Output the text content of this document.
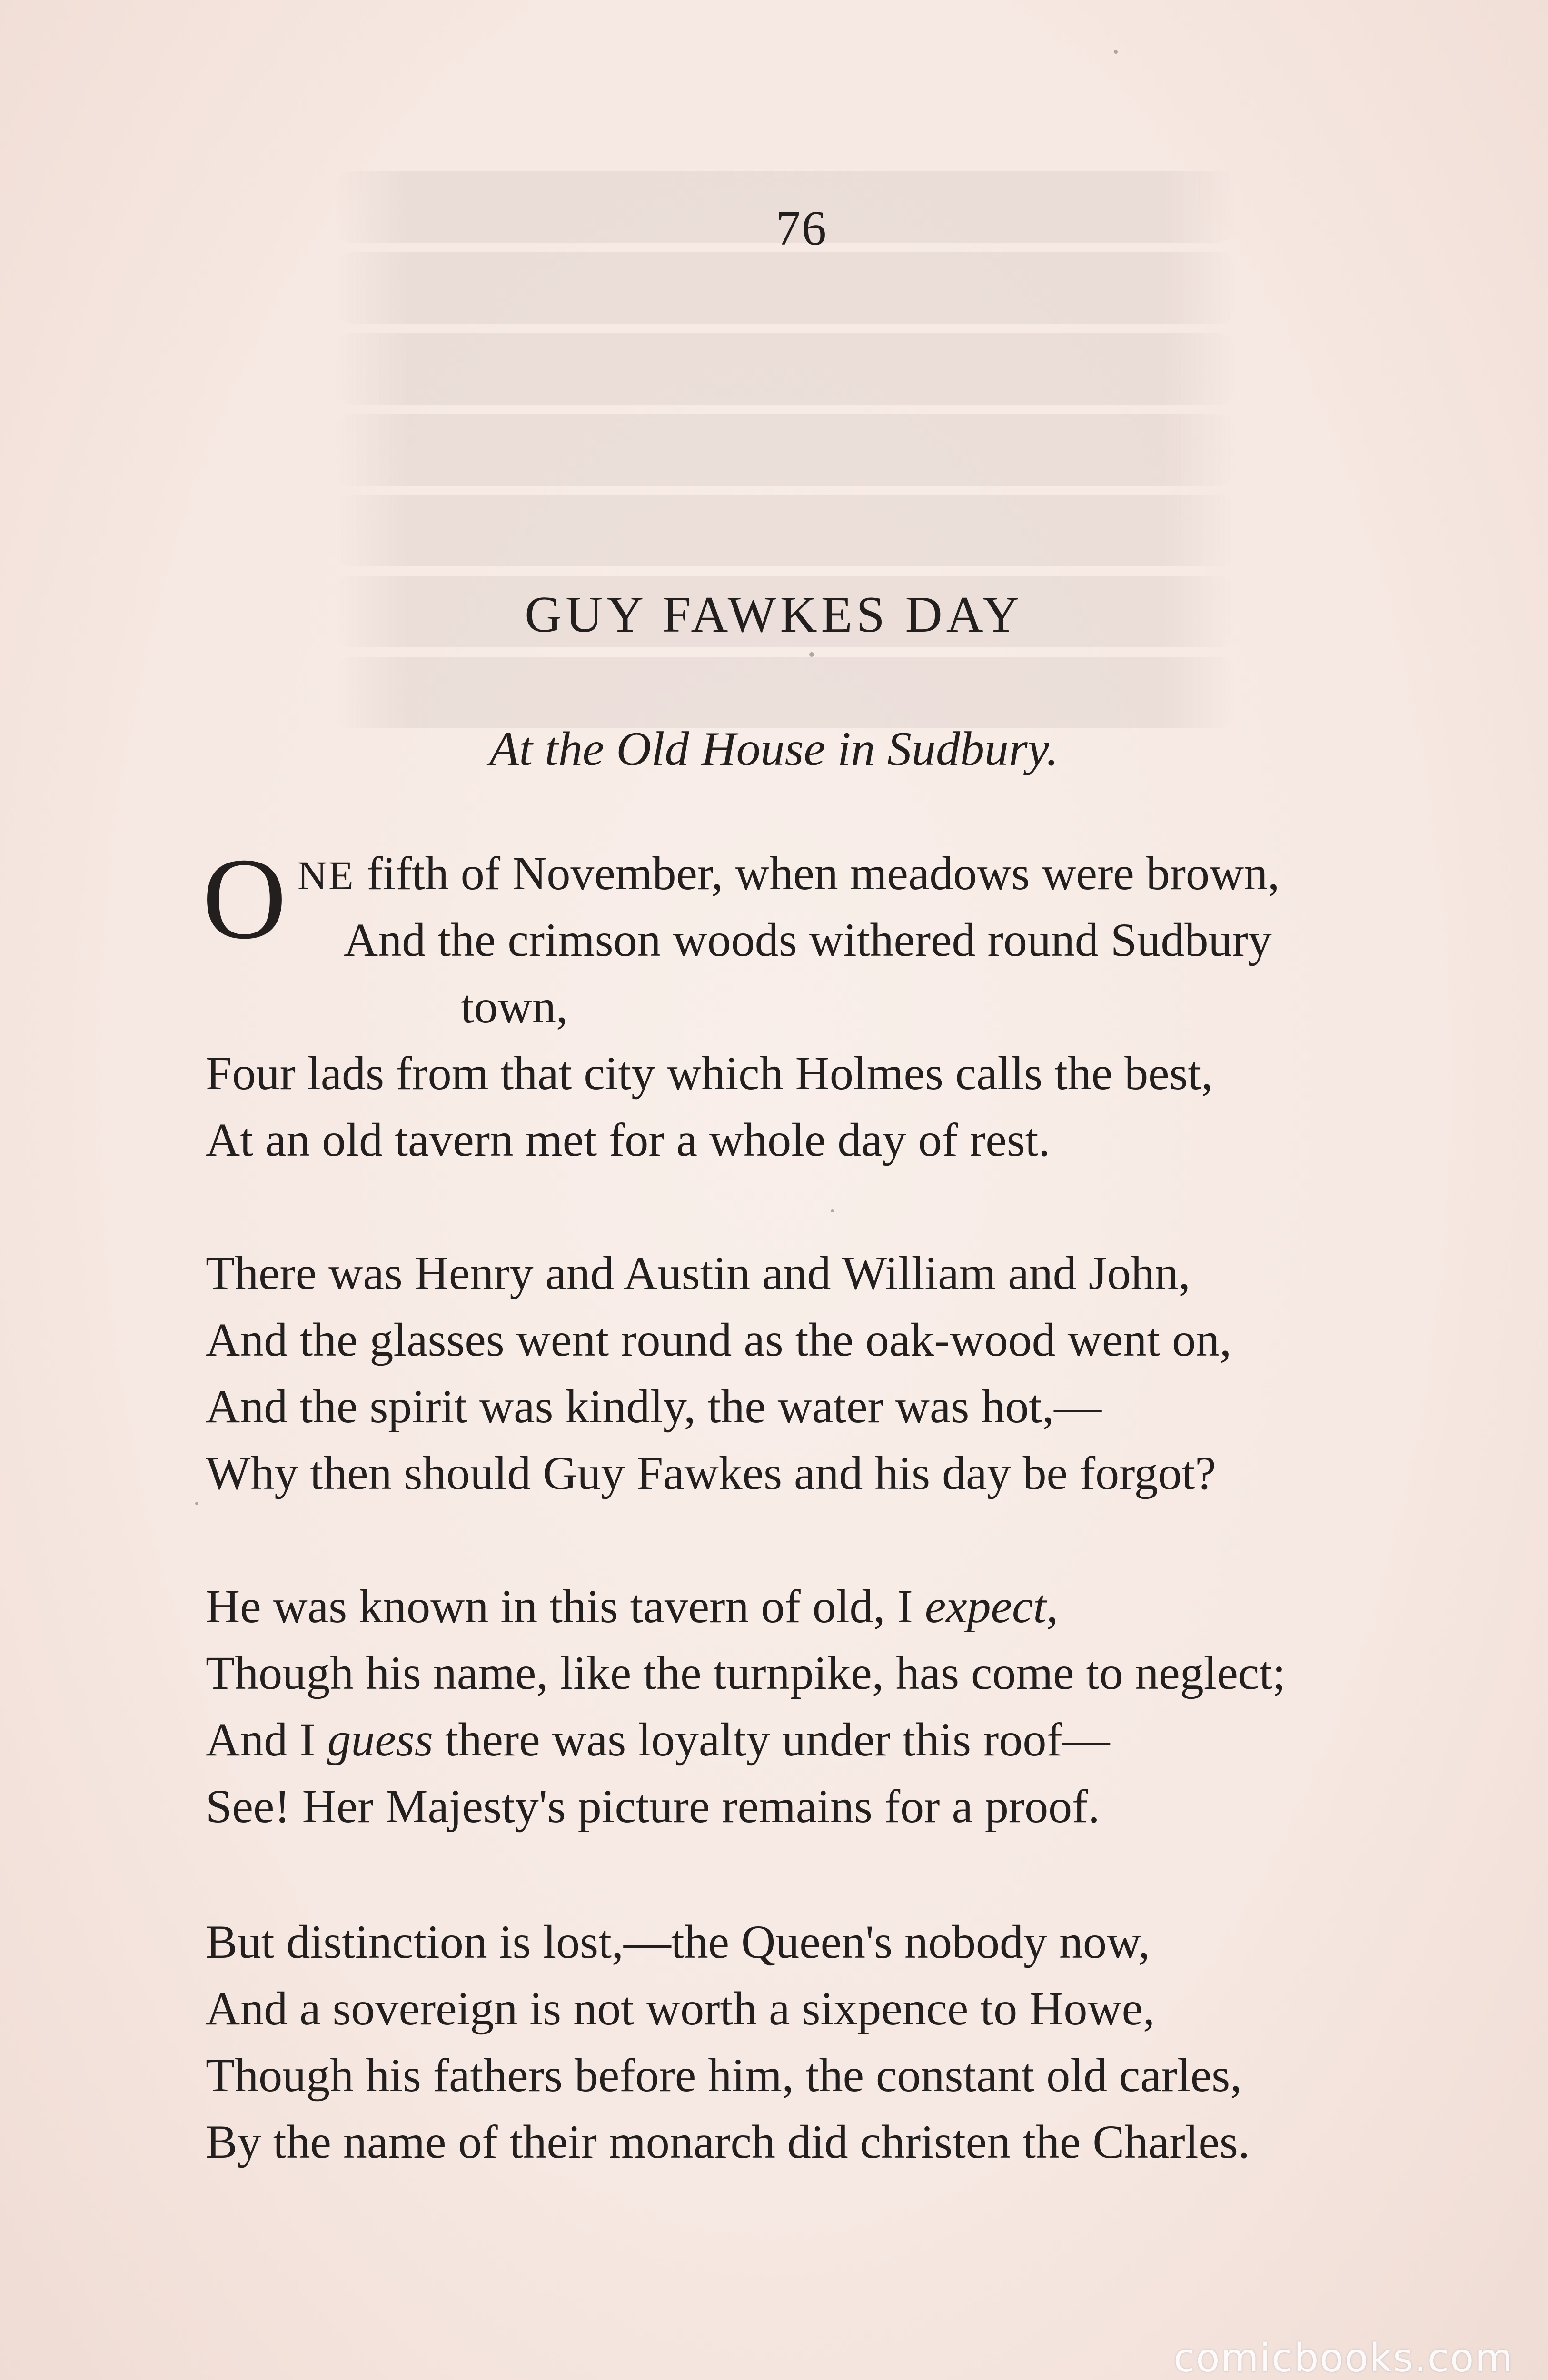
76
GUY FAWKES DAY
At the Old House in Sudbury.
O NE fifth of November, when meadows were brown,
And the crimson woods withered round Sudbury
town,
Four lads from that city which Holmes calls the best,
At an old tavern met for a whole day of rest.
There was Henry and Austin and William and John,
And the glasses went round as the oak-wood went on,
And the spirit was kindly, the water was hot,—
Why then should Guy Fawkes and his day be forgot?
He was known in this tavern of old, I expect,
Though his name, like the turnpike, has come to neglect;
And I guess there was loyalty under this roof—
See! Her Majesty's picture remains for a proof.
But distinction is lost,—the Queen's nobody now,
And a sovereign is not worth a sixpence to Howe,
Though his fathers before him, the constant old carles,
By the name of their monarch did christen the Charles.
comicbooks.com
